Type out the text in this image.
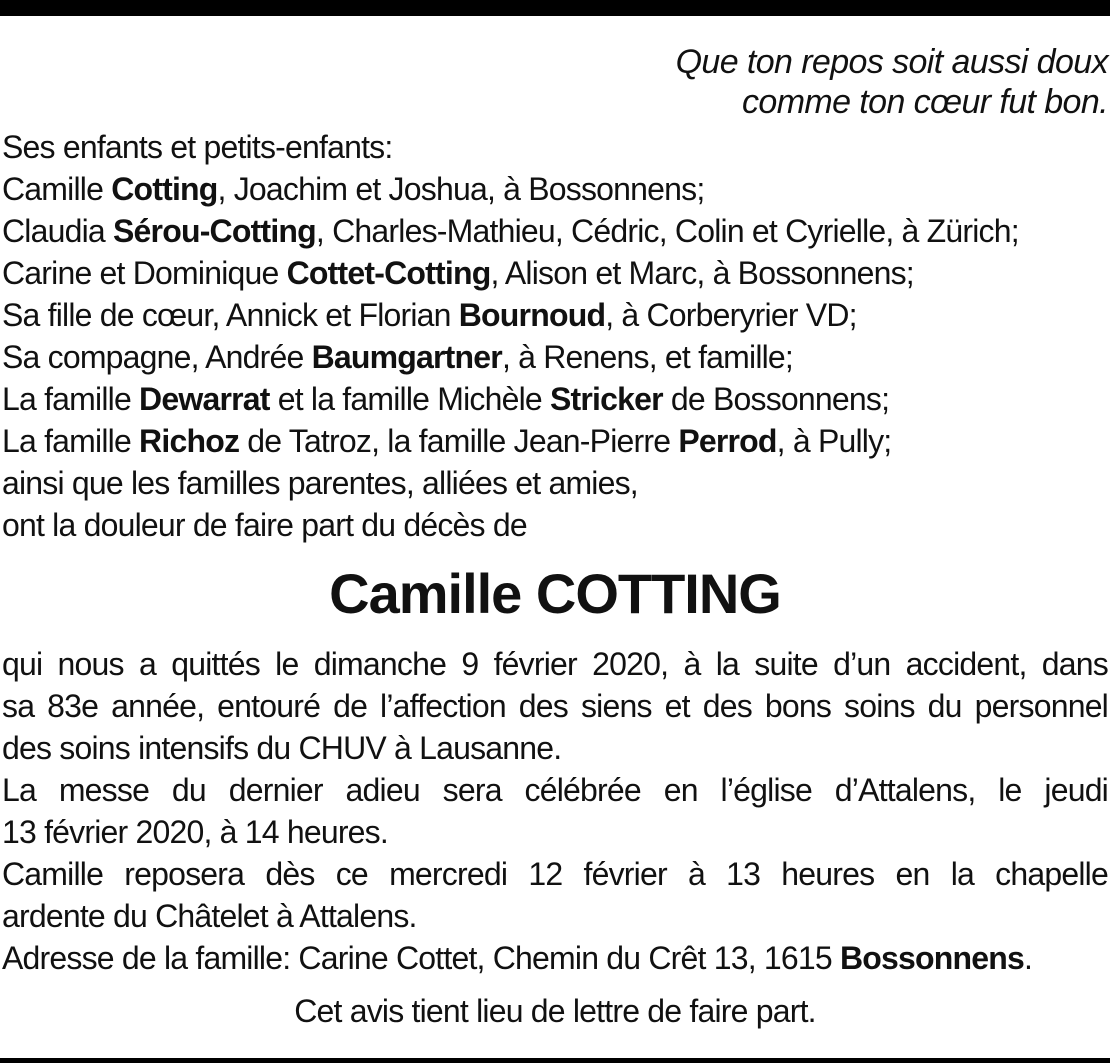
Que ton repos soit aussi doux
comme ton cœur fut bon.
Ses enfants et petits-enfants:
Camille Cotting, Joachim et Joshua, à Bossonnens;
Claudia Sérou-Cotting, Charles-Mathieu, Cédric, Colin et Cyrielle, à Zürich;
Carine et Dominique Cottet-Cotting, Alison et Marc, à Bossonnens;
Sa fille de cœur, Annick et Florian Bournoud, à Corberyrier VD;
Sa compagne, Andrée Baumgartner, à Renens, et famille;
La famille Dewarrat et la famille Michèle Stricker de Bossonnens;
La famille Richoz de Tatroz, la famille Jean-Pierre Perrod, à Pully;
ainsi que les familles parentes, alliées et amies,
ont la douleur de faire part du décès de
Camille COTTING
qui nous a quittés le dimanche 9 février 2020, à la suite d’un accident, dans
sa 83e année, entouré de l’affection des siens et des bons soins du personnel
des soins intensifs du CHUV à Lausanne.
La messe du dernier adieu sera célébrée en l’église d’Attalens, le jeudi
13 février 2020, à 14 heures.
Camille reposera dès ce mercredi 12 février à 13 heures en la chapelle
ardente du Châtelet à Attalens.
Adresse de la famille: Carine Cottet, Chemin du Crêt 13, 1615 Bossonnens.
Cet avis tient lieu de lettre de faire part.
